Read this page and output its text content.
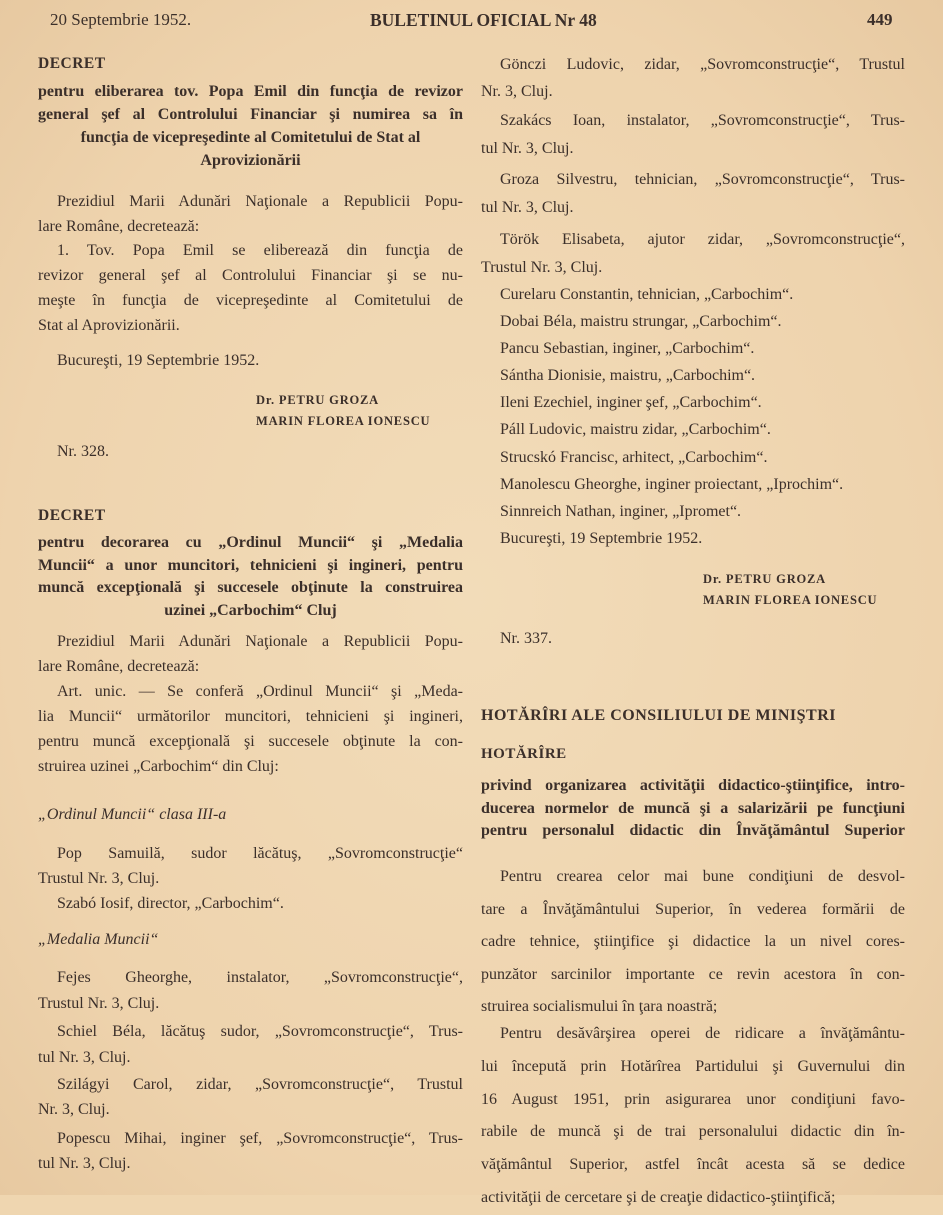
20 Septembrie 1952.	BULETINUL OFICIAL Nr 48	449
DECRET
pentru eliberarea tov. Popa Emil din funcţia de revizor
general şef al Controlului Financiar şi numirea sa în
funcţia de vicepreşedinte al Comitetului de Stat al
Aprovizionării
Prezidiul Marii Adunări Naţionale a Republicii Popu-
lare Române, decretează:
1. Tov. Popa Emil se eliberează din funcţia de
revizor general şef al Controlului Financiar şi se nu-
meşte în funcţia de vicepreşedinte al Comitetului de
Stat al Aprovizionării.
Bucureşti, 19 Septembrie 1952.
Dr. PETRU GROZA
MARIN FLOREA IONESCU
Nr. 328.
DECRET
pentru decorarea cu „Ordinul Muncii“ şi „Medalia
Muncii“ a unor muncitori, tehnicieni şi ingineri, pentru
muncă excepţională şi succesele obţinute la construirea
uzinei „Carbochim“ Cluj
Prezidiul Marii Adunări Naţionale a Republicii Popu-
lare Române, decretează:
Art. unic. — Se conferă „Ordinul Muncii“ şi „Meda-
lia Muncii“ următorilor muncitori, tehnicieni şi ingineri,
pentru muncă excepţională şi succesele obţinute la con-
struirea uzinei „Carbochim“ din Cluj:
„Ordinul Muncii“ clasa III-a
Pop Samuilă, sudor lăcătuş, „Sovromconstrucţie“
Trustul Nr. 3, Cluj.
Szabó Iosif, director, „Carbochim“.
„Medalia Muncii“
Fejes Gheorghe, instalator, „Sovromconstrucţie“,
Trustul Nr. 3, Cluj.
Schiel Béla, lăcătuş sudor, „Sovromconstrucţie“, Trus-
tul Nr. 3, Cluj.
Szilágyi Carol, zidar, „Sovromconstrucţie“, Trustul
Nr. 3, Cluj.
Popescu Mihai, inginer şef, „Sovromconstrucţie“, Trus-
tul Nr. 3, Cluj.
Gönczi Ludovic, zidar, „Sovromconstrucţie“, Trustul
Nr. 3, Cluj.
Szakács Ioan, instalator, „Sovromconstrucţie“, Trus-
tul Nr. 3, Cluj.
Groza Silvestru, tehnician, „Sovromconstrucţie“, Trus-
tul Nr. 3, Cluj.
Török Elisabeta, ajutor zidar, „Sovromconstrucţie“,
Trustul Nr. 3, Cluj.
Curelaru Constantin, tehnician, „Carbochim“.
Dobai Béla, maistru strungar, „Carbochim“.
Pancu Sebastian, inginer, „Carbochim“.
Sántha Dionisie, maistru, „Carbochim“.
Ileni Ezechiel, inginer şef, „Carbochim“.
Páll Ludovic, maistru zidar, „Carbochim“.
Strucskó Francisc, arhitect, „Carbochim“.
Manolescu Gheorghe, inginer proiectant, „Iprochim“.
Sinnreich Nathan, inginer, „Ipromet“.
Bucureşti, 19 Septembrie 1952.
Dr. PETRU GROZA
MARIN FLOREA IONESCU
Nr. 337.
HOTĂRÎRI ALE CONSILIULUI DE MINIŞTRI
HOTĂRÎRE
privind organizarea activităţii didactico-ştiinţifice, intro-
ducerea normelor de muncă şi a salarizării pe funcţiuni
pentru personalul didactic din Învăţământul Superior
Pentru crearea celor mai bune condiţiuni de desvol-
tare a Învăţământului Superior, în vederea formării de
cadre tehnice, ştiinţifice şi didactice la un nivel cores-
punzător sarcinilor importante ce revin acestora în con-
struirea socialismului în ţara noastră;
Pentru desăvârşirea operei de ridicare a învăţământu-
lui începută prin Hotărîrea Partidului şi Guvernului din
16 August 1951, prin asigurarea unor condiţiuni favo-
rabile de muncă şi de trai personalului didactic din în-
văţământul Superior, astfel încât acesta să se dedice
activităţii de cercetare şi de creaţie didactico-ştiinţifică;
